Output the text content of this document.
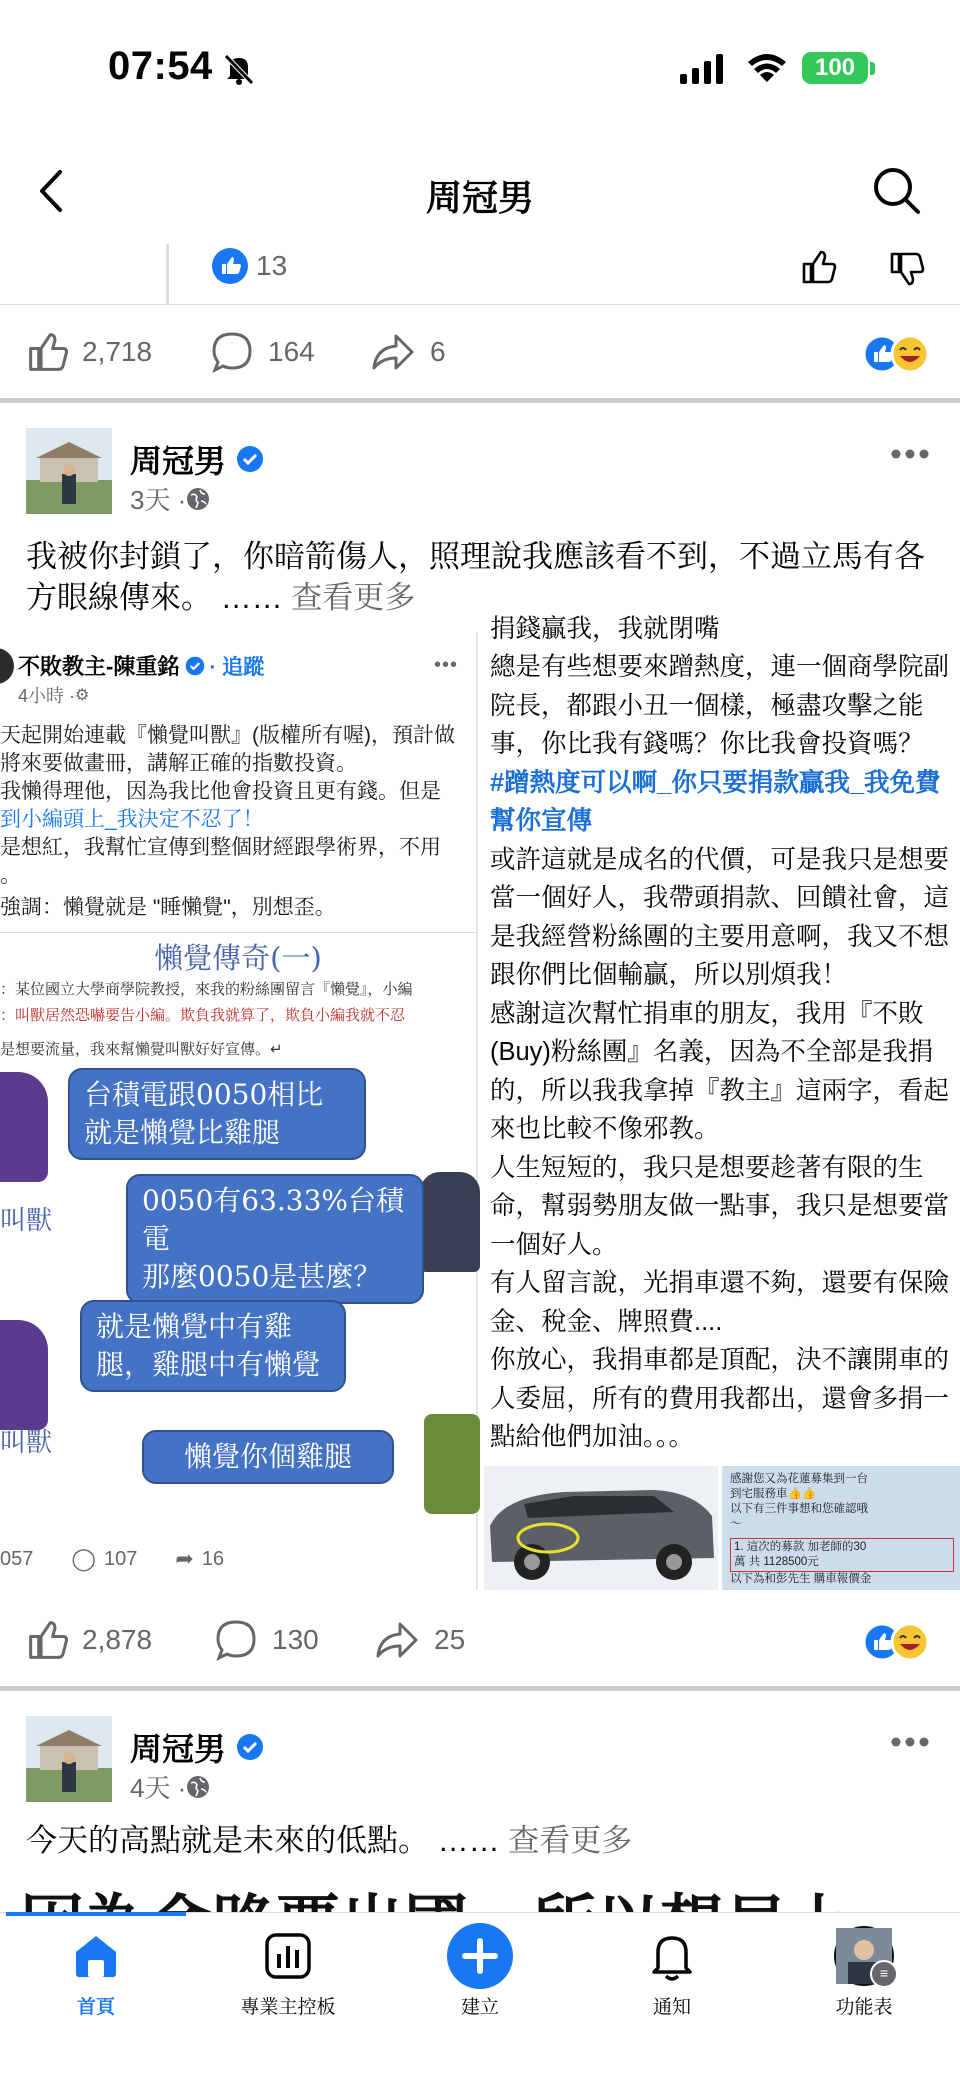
07:54	100
周冠男
13
2,718	164	6
周冠男
3天 ·
我被你封鎖了，你暗箭傷人，照理說我應該看不到，不過立馬有各方眼線傳來。 …… 查看更多
不敗教主-陳重銘 · 追蹤	•••
4小時 · ⚙
天起開始連載『懶覺叫獸』(版權所有喔)，預計做
將來要做畫冊，講解正確的指數投資。
我懶得理他，因為我比他會投資且更有錢。但是
到小編頭上_我決定不忍了！
是想紅，我幫忙宣傳到整個財經跟學術界，不用
。
強調：懶覺就是 "睡懶覺"，別想歪。
懶覺傳奇(一)
：某位國立大學商學院教授，來我的粉絲團留言『懶覺』，小編
：叫獸居然恐嚇要告小編。欺負我就算了，欺負小編我就不忍
是想要流量，我來幫懶覺叫獸好好宣傳。↵
叫獸
台積電跟0050相比
就是懶覺比雞腿
0050有63.33%台積電
那麼0050是甚麼？
叫獸
就是懶覺中有雞
腿，雞腿中有懶覺
懶覺你個雞腿
057 ◯ 107 ➦ 16
捐錢贏我，我就閉嘴
總是有些想要來蹭熱度，連一個商學院副院長，都跟小丑一個樣，極盡攻擊之能事，你比我有錢嗎？你比我會投資嗎？
#蹭熱度可以啊_你只要捐款贏我_我免費幫你宣傳
或許這就是成名的代價，可是我只是想要當一個好人，我帶頭捐款、回饋社會，這是我經營粉絲團的主要用意啊，我又不想跟你們比個輸贏，所以別煩我！
感謝這次幫忙捐車的朋友，我用『不敗(Buy)粉絲團』名義，因為不全部是我捐的，所以我我拿掉『教主』這兩字，看起來也比較不像邪教。
人生短短的，我只是想要趁著有限的生命，幫弱勢朋友做一點事，我只是想要當一個好人。
有人留言說，光捐車還不夠，還要有保險金、稅金、牌照費....
你放心，我捐車都是頂配，決不讓開車的人委屈，所有的費用我都出，還會多捐一點給他們加油。。。
感謝您又為花蓮募集到一台
到宅服務車👍👍
以下有三件事想和您確認哦
～
1. 這次的募款 加老師的30
萬 共 1128500元
以下為和彭先生 購車報價金
2,878	130	25
周冠男
4天 ·
今天的高點就是未來的低點。 …… 查看更多
首頁	專業主控板	建立	通知
≡
功能表
